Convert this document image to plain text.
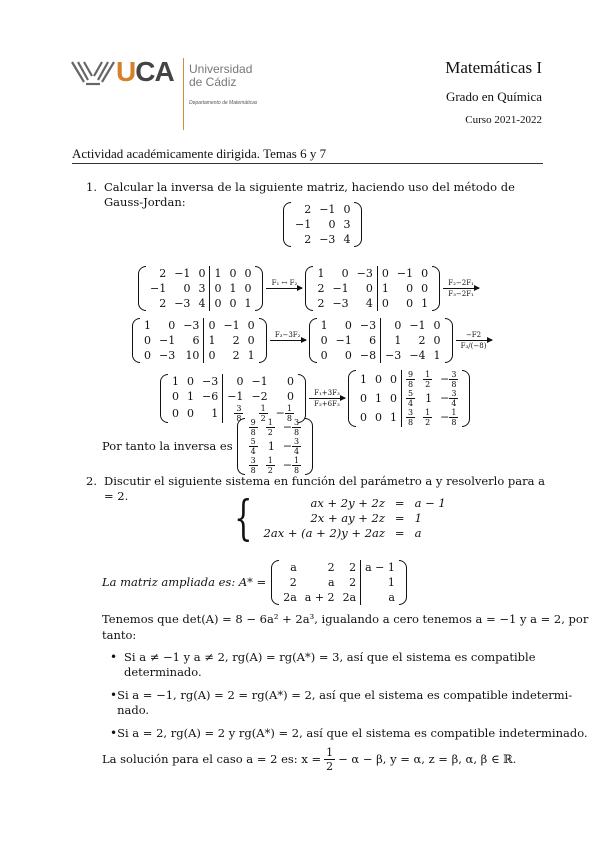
UCA Universidad
de Cádiz
Departamento de Matemáticas
Matemáticas I
Grado en Química
Curso 2021-2022
Actividad académicamente dirigida. Temas 6 y 7
1. Calcular la inversa de la siguiente matriz, haciendo uso del método de Gauss-Jordan:
2	−1	0
−1	0	3
2	−3	4
2	−1	0	1	0	0
−1	0	3	0	1	0
2	−3	4	0	0	1
F₁ ↔ F₂

1	0	−3	0	−1	0
2	−1	0	1	0	0
2	−3	4	0	0	1
F₂−2F₁
F₃−2F₁
1	0	−3	0	−1	0
0	−1	6	1	2	0
0	−3	10	0	2	1
F₃−3F₂

1	0	−3	0	−1	0
0	−1	6	1	2	0
0	0	−8	−3	−4	1
−F2
F₃/(−8)
1	0	−3	0	−1	0
0	1	−6	−1	−2	0
0	0	1	$\frac{3}{8}$	$\frac{1}{2}$	− $\frac{1}{8}$
F₁+3F₃
F₂+6F₃
1	0	0	$\frac{9}{8}$	$\frac{1}{2}$	− $\frac{3}{8}$

0	1	0	$\frac{5}{4}$	1	− $\frac{3}{4}$

0	0	1	$\frac{3}{8}$	$\frac{1}{2}$	− $\frac{1}{8}$
Por tanto la inversa es
$\frac{9}{8}$	$\frac{1}{2}$	− $\frac{3}{8}$

$\frac{5}{4}$	1	− $\frac{3}{4}$

$\frac{3}{8}$	$\frac{1}{2}$	− $\frac{1}{8}$
2. Discutir el siguiente sistema en función del parámetro a y resolverlo para a = 2.	{	ax + 2y + 2z	=	a − 1
2x + ay + 2z	=	1
2ax + (a + 2)y + 2az	=	a
La matriz ampliada es: A* =
a	2	2	a − 1
2	a	2	1
2a	a + 2	2a	a
Tenemos que det(A) = 8 − 6a² + 2a³, igualando a cero tenemos a = −1 y a = 2, por
tanto:
• Si a ≠ −1 y a ≠ 2, rg(A) = rg(A*) = 3, así que el sistema es compatible
determinado.
• Si a = −1, rg(A) = 2 = rg(A*) = 2, así que el sistema es compatible indetermi-
nado.
• Si a = 2, rg(A) = 2 y rg(A*) = 2, así que el sistema es compatible indeterminado.
La solución para el caso a = 2 es: $x = \frac{1}{2} - \alpha - \beta$, y = α, z = β, α, β ∈ ℝ.
